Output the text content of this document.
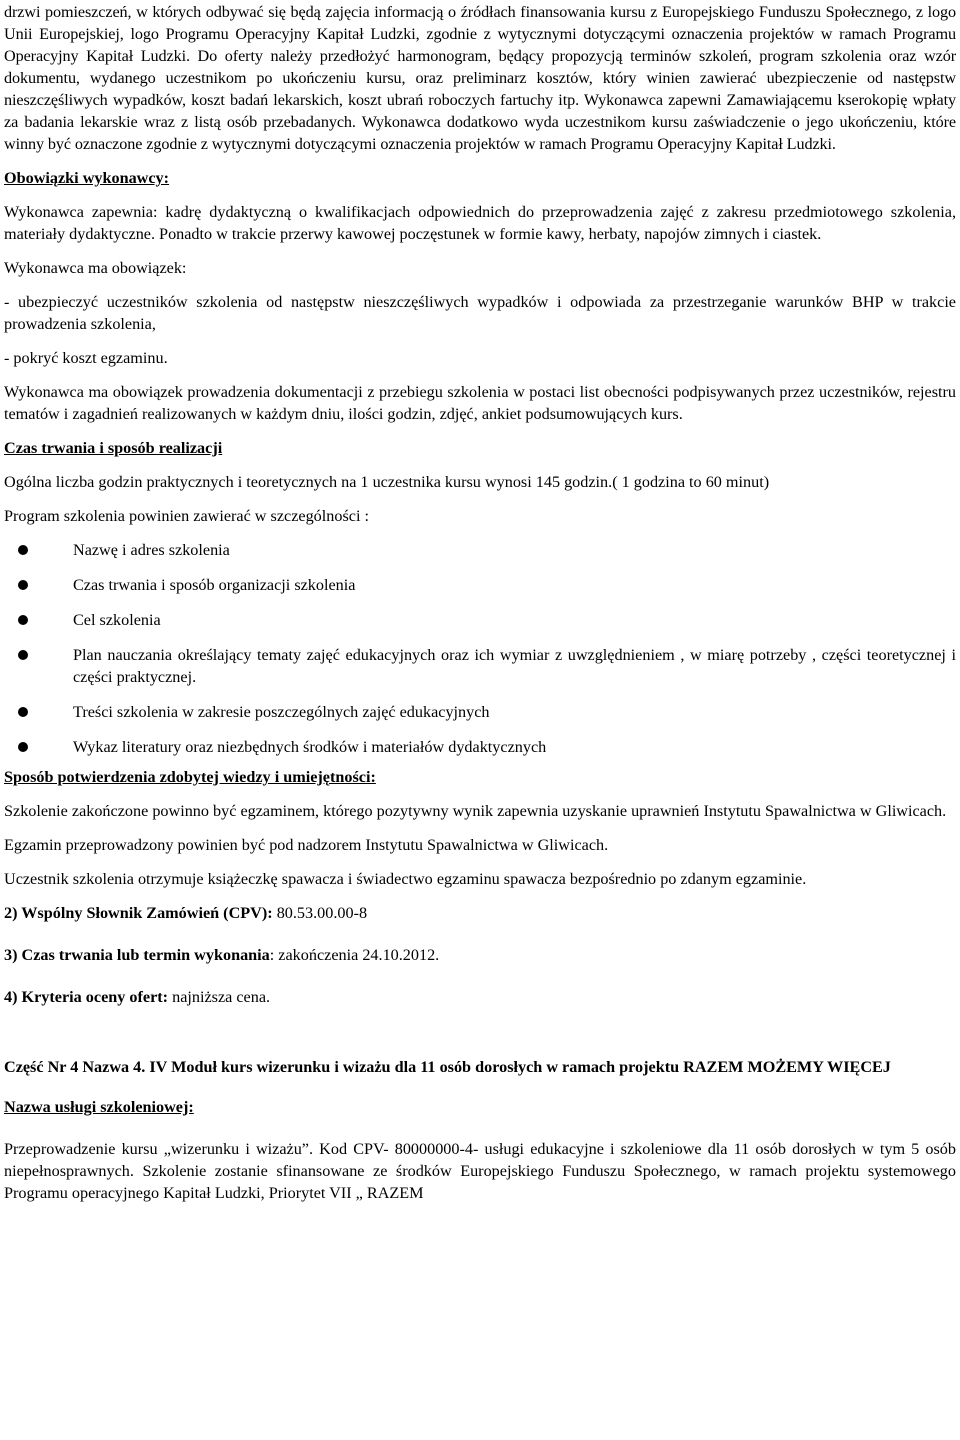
drzwi pomieszczeń, w których odbywać się będą zajęcia informacją o źródłach finansowania kursu z Europejskiego Funduszu Społecznego, z logo Unii Europejskiej, logo Programu Operacyjny Kapitał Ludzki, zgodnie z wytycznymi dotyczącymi oznaczenia projektów w ramach Programu Operacyjny Kapitał Ludzki. Do oferty należy przedłożyć harmonogram, będący propozycją terminów szkoleń, program szkolenia oraz wzór dokumentu, wydanego uczestnikom po ukończeniu kursu, oraz preliminarz kosztów, który winien zawierać ubezpieczenie od następstw nieszczęśliwych wypadków, koszt badań lekarskich, koszt ubrań roboczych fartuchy itp. Wykonawca zapewni Zamawiającemu kserokopię wpłaty za badania lekarskie wraz z listą osób przebadanych. Wykonawca dodatkowo wyda uczestnikom kursu zaświadczenie o jego ukończeniu, które winny być oznaczone zgodnie z wytycznymi dotyczącymi oznaczenia projektów w ramach Programu Operacyjny Kapitał Ludzki.

Obowiązki wykonawcy:

Wykonawca zapewnia: kadrę dydaktyczną o kwalifikacjach odpowiednich do przeprowadzenia zajęć z zakresu przedmiotowego szkolenia, materiały dydaktyczne. Ponadto w trakcie przerwy kawowej poczęstunek w formie kawy, herbaty, napojów zimnych i ciastek.

Wykonawca ma obowiązek:

- ubezpieczyć uczestników szkolenia od następstw nieszczęśliwych wypadków i odpowiada za przestrzeganie warunków BHP w trakcie prowadzenia szkolenia,

- pokryć koszt egzaminu.

Wykonawca ma obowiązek prowadzenia dokumentacji z przebiegu szkolenia w postaci list obecności podpisywanych przez uczestników, rejestru tematów i zagadnień realizowanych w każdym dniu, ilości godzin, zdjęć, ankiet podsumowujących kurs.

Czas trwania i sposób realizacji

Ogólna liczba godzin praktycznych i teoretycznych na 1 uczestnika kursu wynosi 145 godzin.( 1 godzina to 60 minut)

Program szkolenia powinien zawierać w szczególności :

Nazwę i adres szkolenia
Czas trwania i sposób organizacji szkolenia
Cel szkolenia
Plan nauczania określający tematy zajęć edukacyjnych oraz ich wymiar z uwzględnieniem , w miarę potrzeby , części teoretycznej i części praktycznej.
Treści szkolenia w zakresie poszczególnych zajęć edukacyjnych
Wykaz literatury oraz niezbędnych środków i materiałów dydaktycznych

Sposób potwierdzenia zdobytej wiedzy i umiejętności:

Szkolenie zakończone powinno być egzaminem, którego pozytywny wynik zapewnia uzyskanie uprawnień Instytutu Spawalnictwa w Gliwicach.

Egzamin przeprowadzony powinien być pod nadzorem Instytutu Spawalnictwa w Gliwicach.

Uczestnik szkolenia otrzymuje książeczkę spawacza i świadectwo egzaminu spawacza bezpośrednio po zdanym egzaminie.

2) Wspólny Słownik Zamówień (CPV): 80.53.00.00-8

3) Czas trwania lub termin wykonania: zakończenia 24.10.2012.

4) Kryteria oceny ofert: najniższa cena.

Część Nr 4 Nazwa 4. IV Moduł kurs wizerunku i wizażu dla 11 osób dorosłych w ramach projektu RAZEM MOŻEMY WIĘCEJ

Nazwa usługi szkoleniowej:

Przeprowadzenie kursu „wizerunku i wizażu”. Kod CPV- 80000000-4- usługi edukacyjne i szkoleniowe dla 11 osób dorosłych w tym 5 osób niepełnosprawnych. Szkolenie zostanie sfinansowane ze środków Europejskiego Funduszu Społecznego, w ramach projektu systemowego Programu operacyjnego Kapitał Ludzki, Priorytet VII „ RAZEM
